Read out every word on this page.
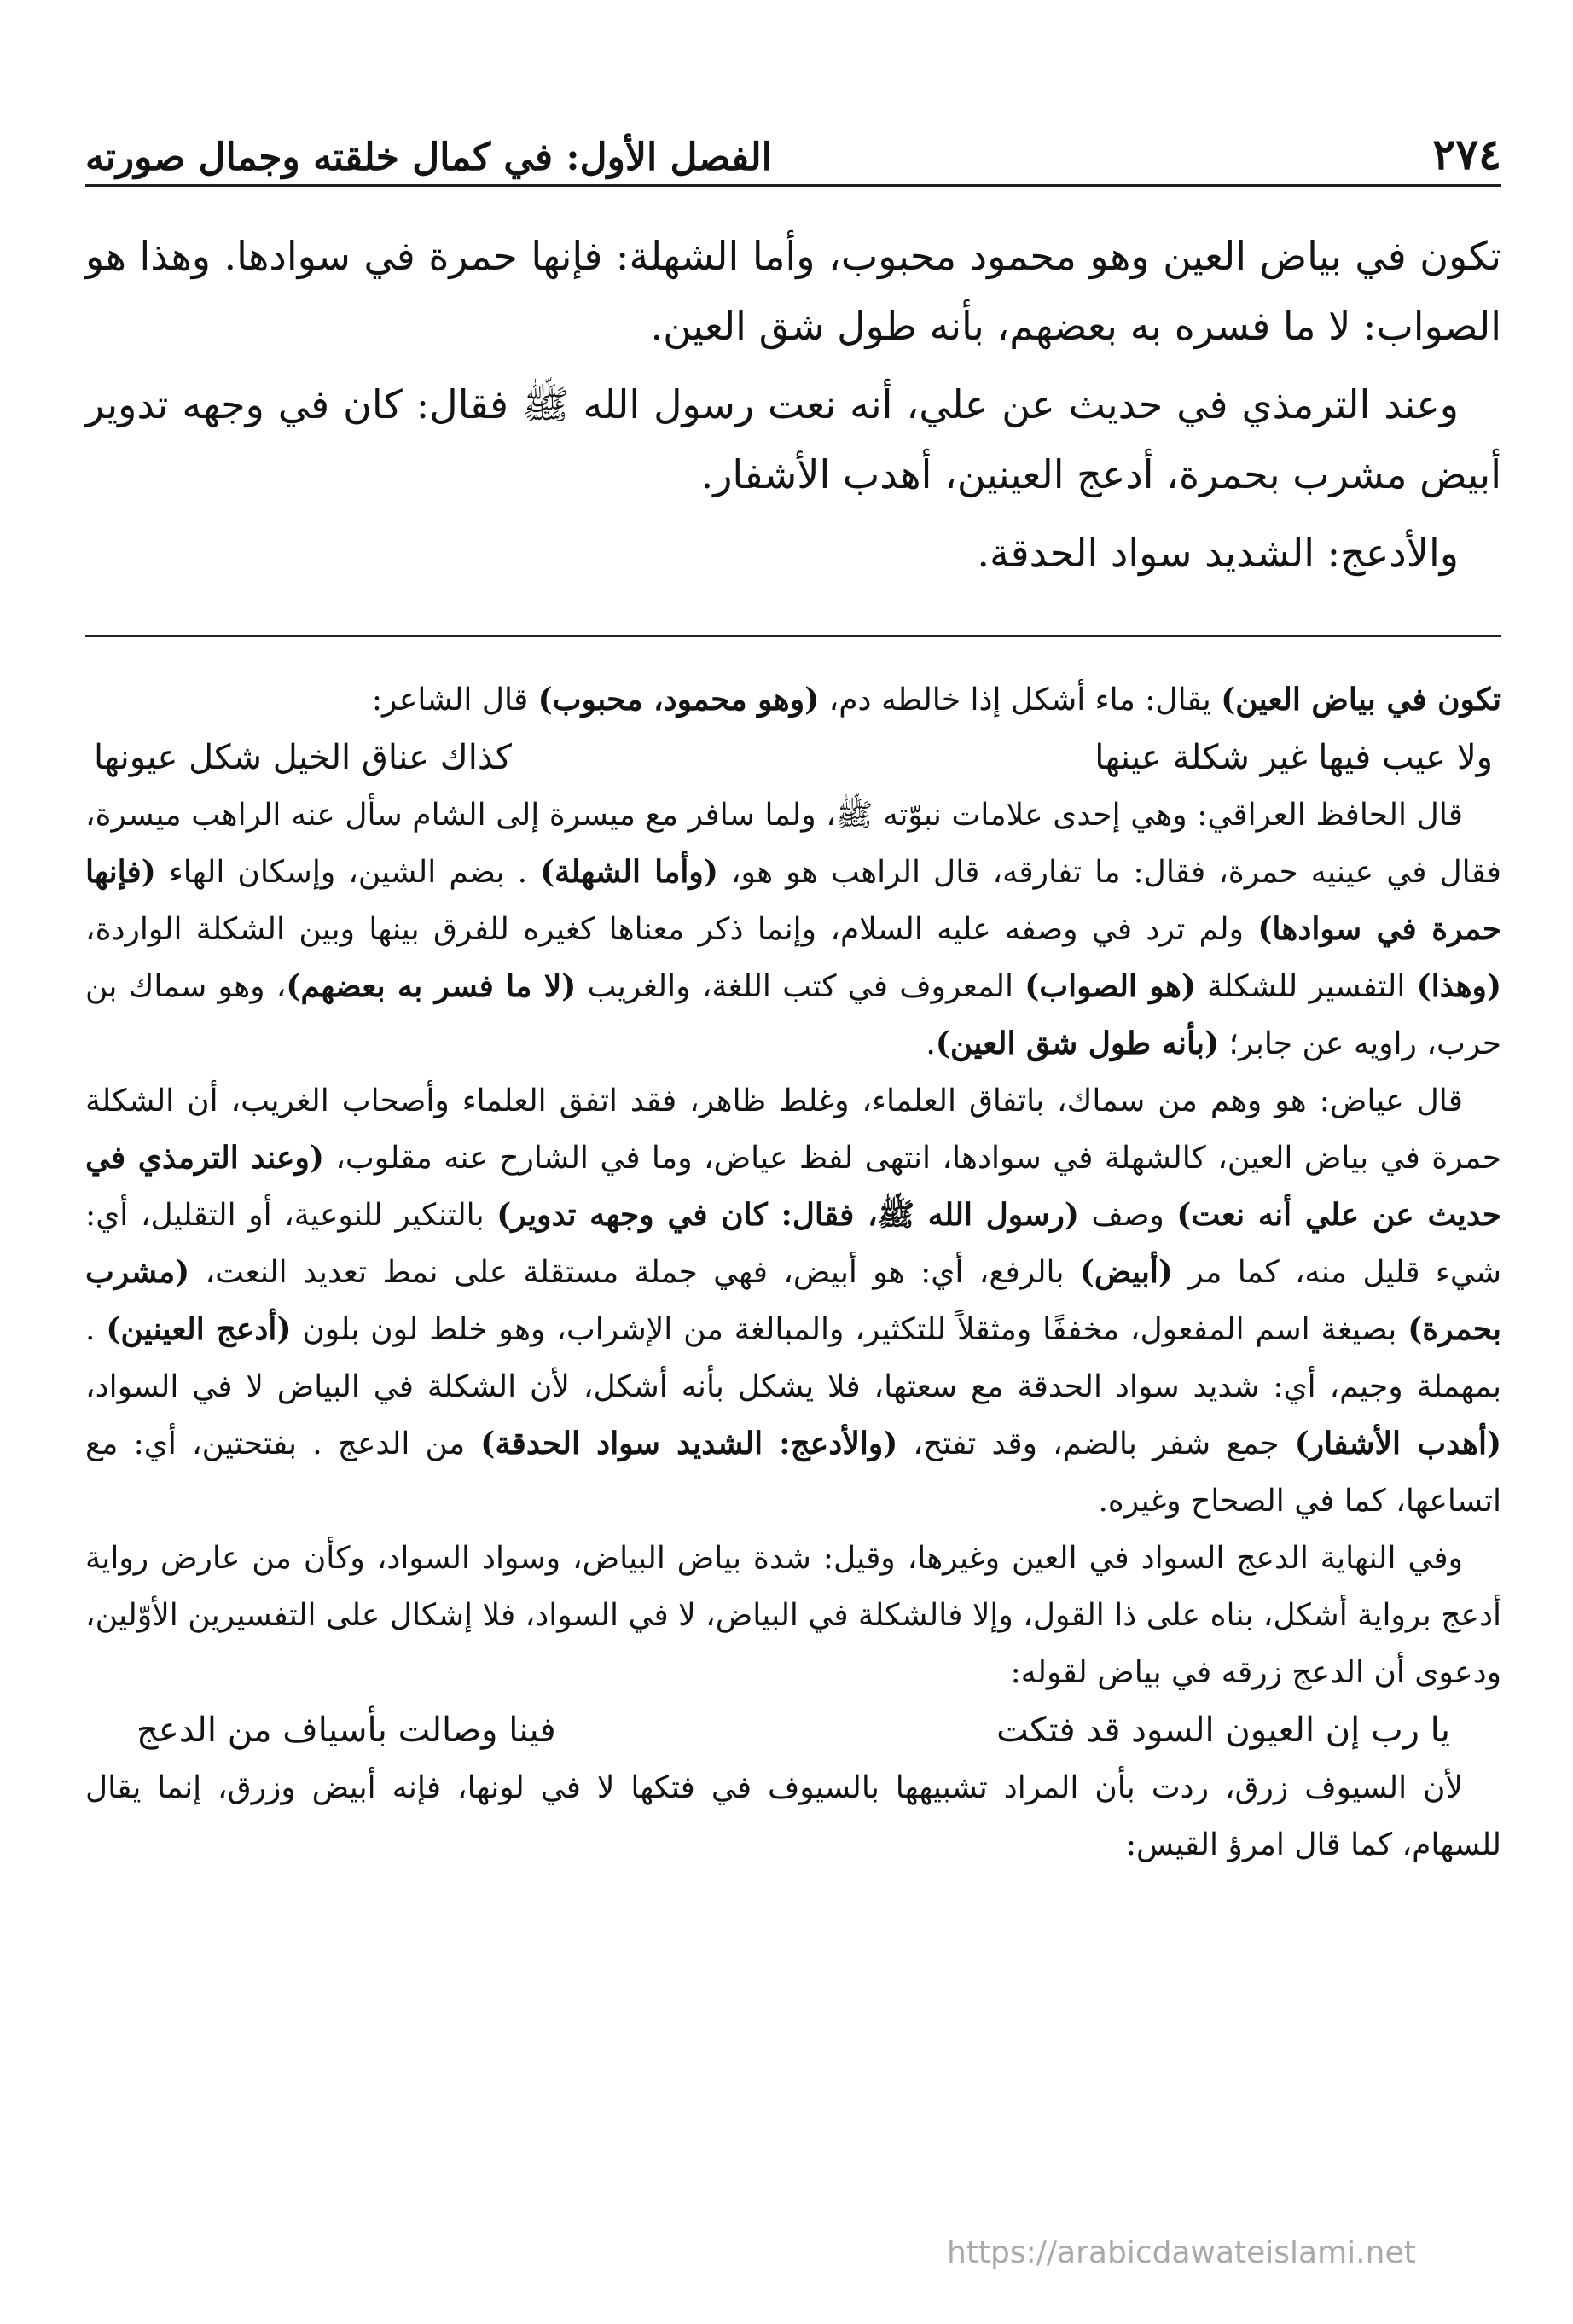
٢٧٤
الفصل الأول: في كمال خلقته وجمال صورته

تكون في بياض العين وهو محمود محبوب، وأما الشهلة: فإنها حمرة في سوادها. وهذا هو الصواب: لا ما فسره به بعضهم، بأنه طول شق العين.

وعند الترمذي في حديث عن علي، أنه نعت رسول الله ﷺ فقال: كان في وجهه تدوير أبيض مشرب بحمرة، أدعج العينين، أهدب الأشفار.

والأدعج: الشديد سواد الحدقة.

تكون في بياض العين) يقال: ماء أشكل إذا خالطه دم، (وهو محمود، محبوب) قال الشاعر:

ولا عيب فيها غير شكلة عينها
كذاك عناق الخيل شكل عيونها

قال الحافظ العراقي: وهي إحدى علامات نبوّته ﷺ، ولما سافر مع ميسرة إلى الشام سأل عنه الراهب ميسرة، فقال في عينيه حمرة، فقال: ما تفارقه، قال الراهب هو هو، (وأما الشهلة) . بضم الشين، وإسكان الهاء (فإنها حمرة في سوادها) ولم ترد في وصفه عليه السلام، وإنما ذكر معناها كغيره للفرق بينها وبين الشكلة الواردة، (وهذا) التفسير للشكلة (هو الصواب) المعروف في كتب اللغة، والغريب (لا ما فسر به بعضهم)، وهو سماك بن حرب، راويه عن جابر؛ (بأنه طول شق العين).

قال عياض: هو وهم من سماك، باتفاق العلماء، وغلط ظاهر، فقد اتفق العلماء وأصحاب الغريب، أن الشكلة حمرة في بياض العين، كالشهلة في سوادها، انتهى لفظ عياض، وما في الشارح عنه مقلوب، (وعند الترمذي في حديث عن علي أنه نعت) وصف (رسول الله ﷺ، فقال: كان في وجهه تدوير) بالتنكير للنوعية، أو التقليل، أي: شيء قليل منه، كما مر (أبيض) بالرفع، أي: هو أبيض، فهي جملة مستقلة على نمط تعديد النعت، (مشرب بحمرة) بصيغة اسم المفعول، مخففًا ومثقلاً للتكثير، والمبالغة من الإشراب، وهو خلط لون بلون (أدعج العينين) . بمهملة وجيم، أي: شديد سواد الحدقة مع سعتها، فلا يشكل بأنه أشكل، لأن الشكلة في البياض لا في السواد، (أهدب الأشفار) جمع شفر بالضم، وقد تفتح، (والأدعج: الشديد سواد الحدقة) من الدعج . بفتحتين، أي: مع اتساعها، كما في الصحاح وغيره.

وفي النهاية الدعج السواد في العين وغيرها، وقيل: شدة بياض البياض، وسواد السواد، وكأن من عارض رواية أدعج برواية أشكل، بناه على ذا القول، وإلا فالشكلة في البياض، لا في السواد، فلا إشكال على التفسيرين الأوّلين، ودعوى أن الدعج زرقه في بياض لقوله:

يا رب إن العيون السود قد فتكت
فينا وصالت بأسياف من الدعج

لأن السيوف زرق، ردت بأن المراد تشبيهها بالسيوف في فتكها لا في لونها، فإنه أبيض وزرق، إنما يقال للسهام، كما قال امرؤ القيس:

https://arabicdawateislami.net
